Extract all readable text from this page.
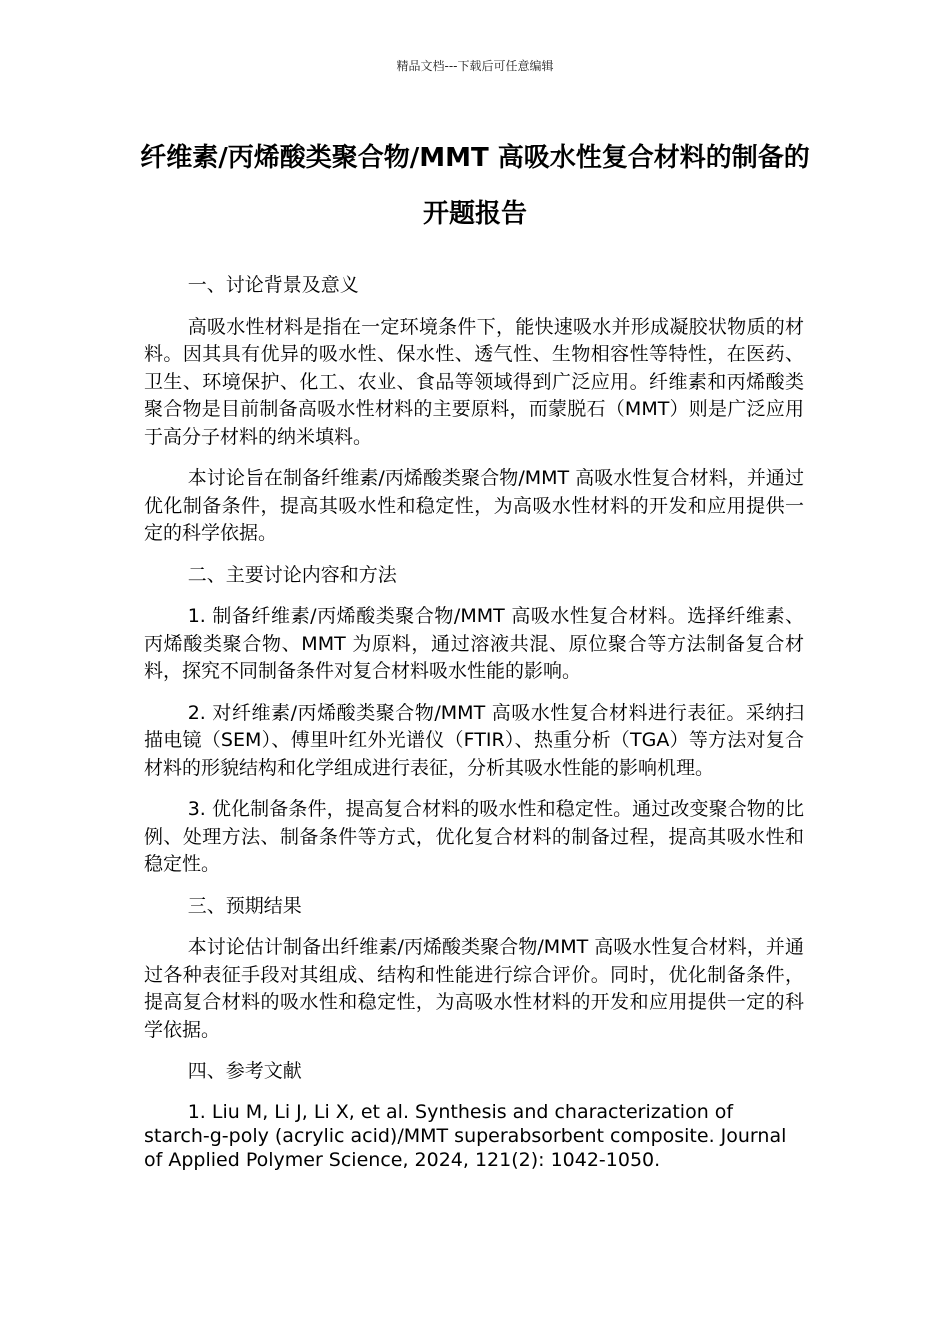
精品文档---下载后可任意编辑
纤维素/丙烯酸类聚合物/MMT 高吸水性复合材料的制备的开题报告

一、讨论背景及意义

高吸水性材料是指在一定环境条件下，能快速吸水并形成凝胶状物质的材料。因其具有优异的吸水性、保水性、透气性、生物相容性等特性，在医药、卫生、环境保护、化工、农业、食品等领域得到广泛应用。纤维素和丙烯酸类聚合物是目前制备高吸水性材料的主要原料，而蒙脱石（MMT）则是广泛应用于高分子材料的纳米填料。

本讨论旨在制备纤维素/丙烯酸类聚合物/MMT 高吸水性复合材料，并通过优化制备条件，提高其吸水性和稳定性，为高吸水性材料的开发和应用提供一定的科学依据。

二、主要讨论内容和方法

1. 制备纤维素/丙烯酸类聚合物/MMT 高吸水性复合材料。选择纤维素、丙烯酸类聚合物、MMT 为原料，通过溶液共混、原位聚合等方法制备复合材料，探究不同制备条件对复合材料吸水性能的影响。

2. 对纤维素/丙烯酸类聚合物/MMT 高吸水性复合材料进行表征。采纳扫描电镜（SEM）、傅里叶红外光谱仪（FTIR）、热重分析（TGA）等方法对复合材料的形貌结构和化学组成进行表征，分析其吸水性能的影响机理。

3. 优化制备条件，提高复合材料的吸水性和稳定性。通过改变聚合物的比例、处理方法、制备条件等方式，优化复合材料的制备过程，提高其吸水性和稳定性。

三、预期结果

本讨论估计制备出纤维素/丙烯酸类聚合物/MMT 高吸水性复合材料，并通过各种表征手段对其组成、结构和性能进行综合评价。同时，优化制备条件，提高复合材料的吸水性和稳定性，为高吸水性材料的开发和应用提供一定的科学依据。

四、参考文献

1. Liu M, Li J, Li X, et al. Synthesis and characterization of starch-g-poly (acrylic acid)/MMT superabsorbent composite. Journal of Applied Polymer Science, 2024, 121(2): 1042-1050.
